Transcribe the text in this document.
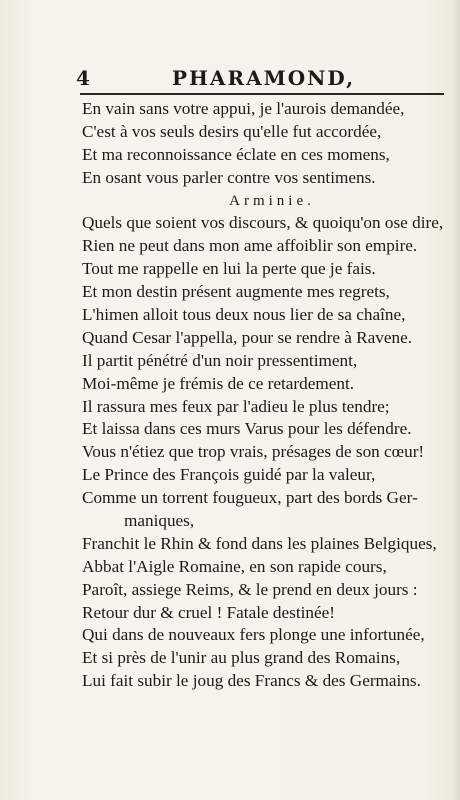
4	PHARAMOND,
En vain sans votre appui, je l'aurois demandée,
C'est à vos seuls desirs qu'elle fut accordée,
Et ma reconnoissance éclate en ces momens,
En osant vous parler contre vos sentimens.
Arminie.
Quels que soient vos discours, & quoiqu'on ose dire,
Rien ne peut dans mon ame affoiblir son empire.
Tout me rappelle en lui la perte que je fais.
Et mon destin présent augmente mes regrets,
L'himen alloit tous deux nous lier de sa chaîne,
Quand Cesar l'appella, pour se rendre à Ravene.
Il partit pénétré d'un noir pressentiment,
Moi-même je frémis de ce retardement.
Il rassura mes feux par l'adieu le plus tendre;
Et laissa dans ces murs Varus pour les défendre.
Vous n'étiez que trop vrais, présages de son cœur!
Le Prince des François guidé par la valeur,
Comme un torrent fougueux, part des bords Ger-
maniques,
Franchit le Rhin & fond dans les plaines Belgiques,
Abbat l'Aigle Romaine, en son rapide cours,
Paroît, assiege Reims, & le prend en deux jours :
Retour dur & cruel ! Fatale destinée!
Qui dans de nouveaux fers plonge une infortunée,
Et si près de l'unir au plus grand des Romains,
Lui fait subir le joug des Francs & des Germains.
